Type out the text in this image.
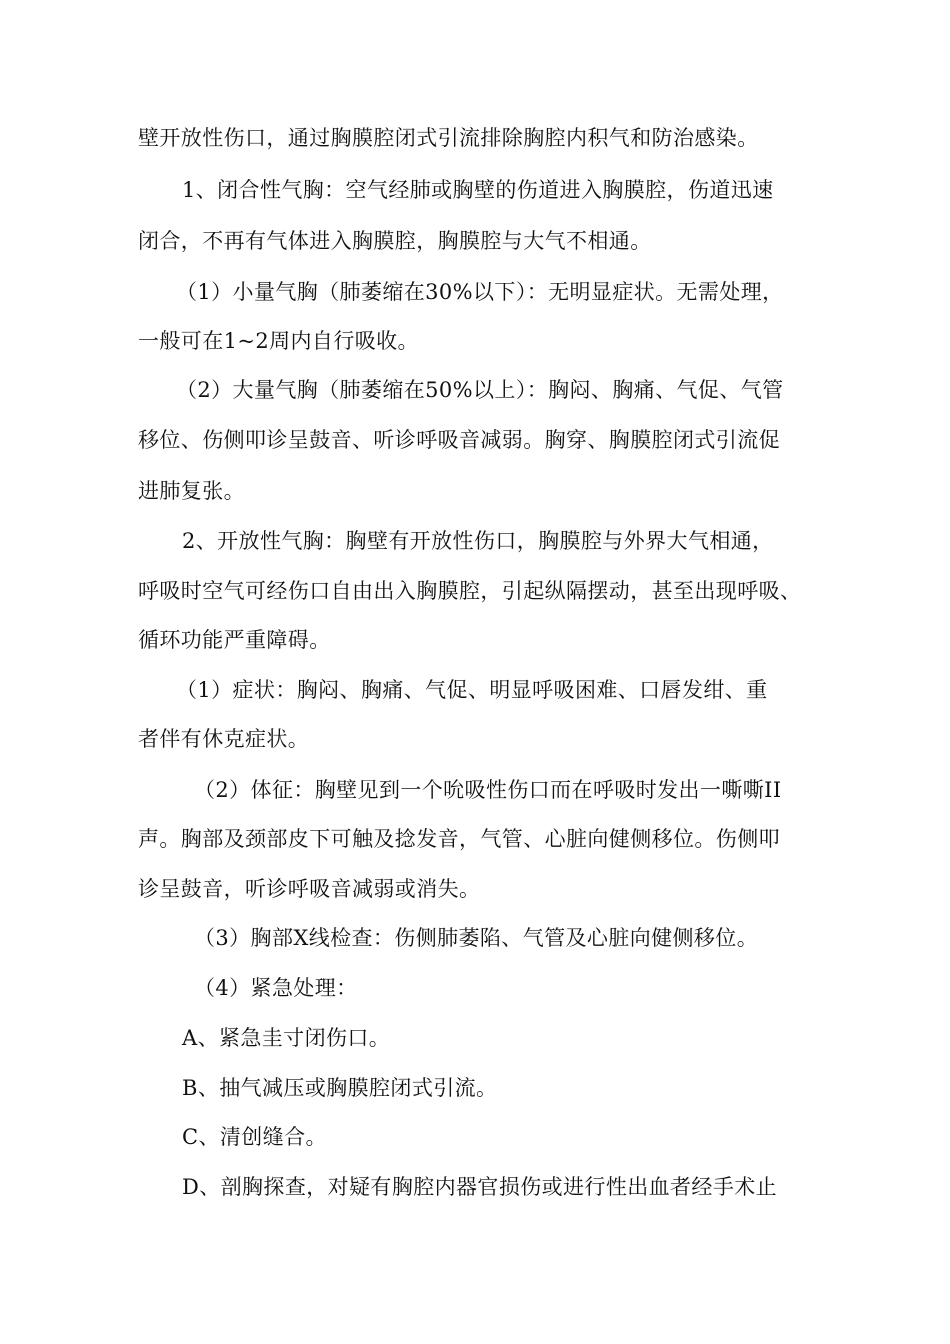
壁开放性伤口，通过胸膜腔闭式引流排除胸腔内积气和防治感染。
1、闭合性气胸：空气经肺或胸壁的伤道进入胸膜腔，伤道迅速
闭合，不再有气体进入胸膜腔，胸膜腔与大气不相通。
（1）小量气胸（肺萎缩在30%以下）：无明显症状。无需处理，
一般可在1~2周内自行吸收。
（2）大量气胸（肺萎缩在50%以上）：胸闷、胸痛、气促、气管
移位、伤侧叩诊呈鼓音、听诊呼吸音减弱。胸穿、胸膜腔闭式引流促
进肺复张。
2、开放性气胸：胸壁有开放性伤口，胸膜腔与外界大气相通，
呼吸时空气可经伤口自由出入胸膜腔，引起纵隔摆动，甚至出现呼吸、
循环功能严重障碍。
（1）症状：胸闷、胸痛、气促、明显呼吸困难、口唇发绀、重
者伴有休克症状。
（2）体征：胸壁见到一个吮吸性伤口而在呼吸时发出一嘶嘶II
声。胸部及颈部皮下可触及捻发音，气管、心脏向健侧移位。伤侧叩
诊呈鼓音，听诊呼吸音减弱或消失。
（3）胸部X线检查：伤侧肺萎陷、气管及心脏向健侧移位。
（4）紧急处理：
A、紧急圭寸闭伤口。
B、抽气减压或胸膜腔闭式引流。
C、清创缝合。
D、剖胸探查，对疑有胸腔内器官损伤或进行性出血者经手术止
